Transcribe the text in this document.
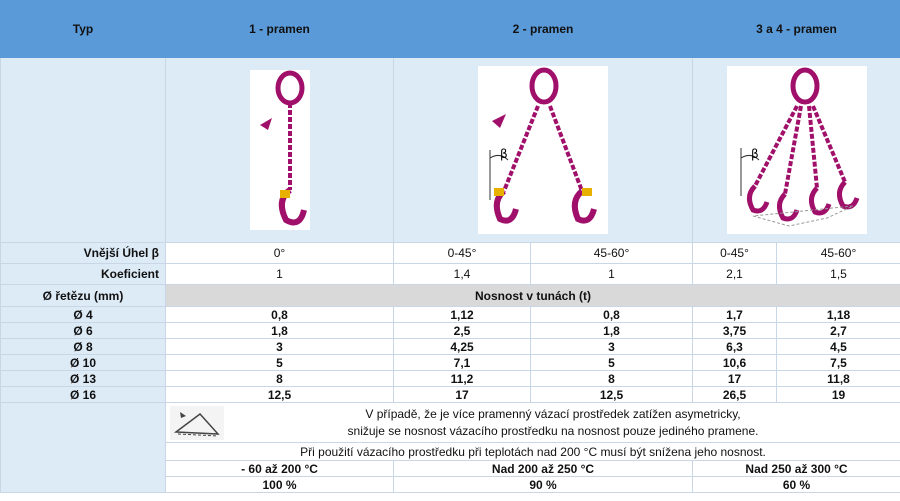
Typ	1 - pramen	2 - pramen		3 a 4 - pramen	

β		β	

Vnější Úhel β	0°	0-45°	45-60°	0-45°	45-60°
Koeficient	1	1,4	1	2,1	1,5
Ø řetězu (mm)	Nosnost v tunách (t)				
Ø 4	0,8	1,12	0,8	1,7	1,18
Ø 6	1,8	2,5	1,8	3,75	2,7
Ø 8	3	4,25	3	6,3	4,5
Ø 10	5	7,1	5	10,6	7,5
Ø 13	8	11,2	8	17	11,8
Ø 16	12,5	17	12,5	26,5	19

	V případě, že je více pramenný vázací prostředek zatížen asymetricky,
snižuje se nosnost vázacího prostředku na nosnost pouze jediného pramene.				

	Při použití vázacího prostředku při teplotách nad 200 °C musí být snížena jeho nosnost.				
	- 60 až 200 °C	Nad 200 až 250 °C		Nad 250 až 300 °C	
	100 %	90 %		60 %	
